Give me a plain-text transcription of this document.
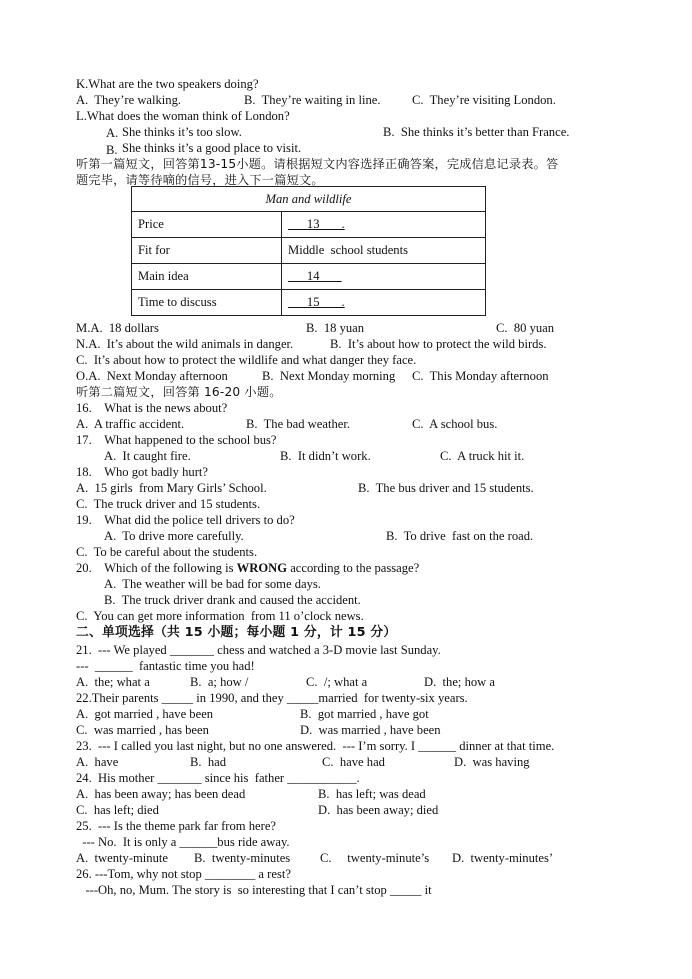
K.What are the two speakers doing?
A.  They’re walking.	B.  They’re waiting in line. C.  They’re visiting London.
L.What does the woman think of London?
A. She thinks it’s too slow.	B.  She thinks it’s better than France.
B. She thinks it’s a good place to visit.
听第一篇短文，回答第13-15小题。请根据短文内容选择正确答案，完成信息记录表。答
题完毕，请等待嘀的信号，进入下一篇短文。
Man and wildlife	
Price	13       .
Fit for	Middle  school students
Main idea	14
Time to discuss	15       .
M.A.  18 dollars	B.  18 yuan	C.  80 yuan
N.A.  It’s about the wild animals in danger.	B.  It’s about how to protect the wild birds.
C.  It’s about how to protect the wildlife and what danger they face.
O.A.  Next Monday afternoon	B.  Next Monday morning C.  This Monday afternoon
听第二篇短文，回答第 16-20 小题。
16.    What is the news about?
A.  A traffic accident.	B.  The bad weather.	C.  A school bus.
17.    What happened to the school bus?
A.  It caught fire.	B.  It didn’t work.	C.  A truck hit it.
18.    Who got badly hurt?
A.  15 girls  from Mary Girls’ School.	B.  The bus driver and 15 students.
C.  The truck driver and 15 students.
19.    What did the police tell drivers to do?
A.  To drive more carefully.	B.  To drive  fast on the road.
C.  To be careful about the students.
20.    Which of the following is WRONG according to the passage?
A.  The weather will be bad for some days.
B.  The truck driver drank and caused the accident.
C.  You can get more information  from 11 o’clock news.
二、单项选择（共 15 小题；每小题 1 分，计 15 分）
21.  --- We played _______ chess and watched a 3-D movie last Sunday.
---  ______  fantastic time you had!
A.  the; what a	B.  a; how /	C.  /; what a	D.  the; how a
22.Their parents _____ in 1990, and they _____married  for twenty-six years.
A.  got married , have been	B.  got married , have got
C.  was married , has been	D.  was married , have been
23.  --- I called you last night, but no one answered.  --- I’m sorry. I ______ dinner at that time.
A.  have	B.  had	C.  have had	D.  was having
24.  His mother _______ since his  father ___________.
A.  has been away; has been dead	B.  has left; was dead
C.  has left; died	D.  has been away; died
25.  --- Is the theme park far from here?
--- No.  It is only a ______bus ride away.
A.  twenty-minute B.  twenty-minutes C.     twenty-minute’s D.  twenty-minutes’
26. ---Tom, why not stop ________ a rest?
---Oh, no, Mum. The story is  so interesting that I can’t stop _____ it
